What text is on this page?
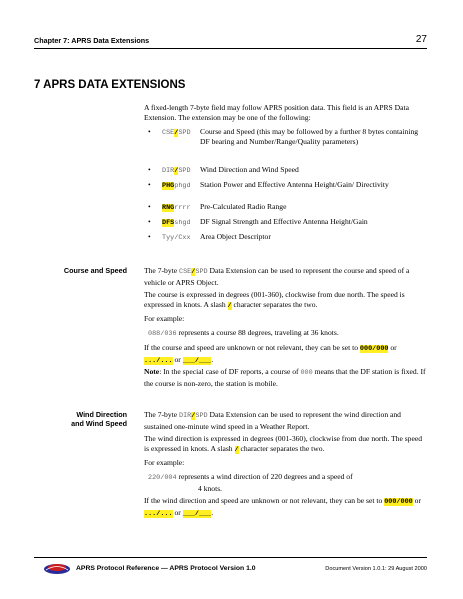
Chapter 7: APRS Data Extensions	27
7 APRS DATA EXTENSIONS

A fixed-length 7-byte field may follow APRS position data. This field is an APRS Data Extension. The extension may be one of the following:

• CSE/SPD Course and Speed (this may be followed by a further 8 bytes containing DF bearing and Number/Range/Quality parameters)
• DIR/SPD Wind Direction and Wind Speed
• PHGphgd Station Power and Effective Antenna Height/Gain/ Directivity
• RNGrrrr Pre-Calculated Radio Range
• DFSshgd DF Signal Strength and Effective Antenna Height/Gain
• Tyy/Cxx Area Object Descriptor
Course and Speed The 7-byte CSE/SPD Data Extension can be used to represent the course and speed of a vehicle or APRS Object.

The course is expressed in degrees (001-360), clockwise from due north. The speed is expressed in knots. A slash / character separates the two.

For example:

088/036 represents a course 88 degrees, traveling at 36 knots.

If the course and speed are unknown or not relevant, they can be set to 000/000 or .../... or ___/___.

Note: In the special case of DF reports, a course of 000 means that the DF station is fixed. If the course is non-zero, the station is mobile.

Wind Direction
and Wind Speed

The 7-byte DIR/SPD Data Extension can be used to represent the wind direction and sustained one-minute wind speed in a Weather Report.

The wind direction is expressed in degrees (001-360), clockwise from due north. The speed is expressed in knots. A slash / character separates the two.

For example:

220/004 represents a wind direction of 220 degrees and a speed of
4 knots.

If the wind direction and speed are unknown or not relevant, they can be set to 000/000 or .../... or ___/___.

APRS Protocol Reference — APRS Protocol Version 1.0	Document Version 1.0.1: 29 August 2000
